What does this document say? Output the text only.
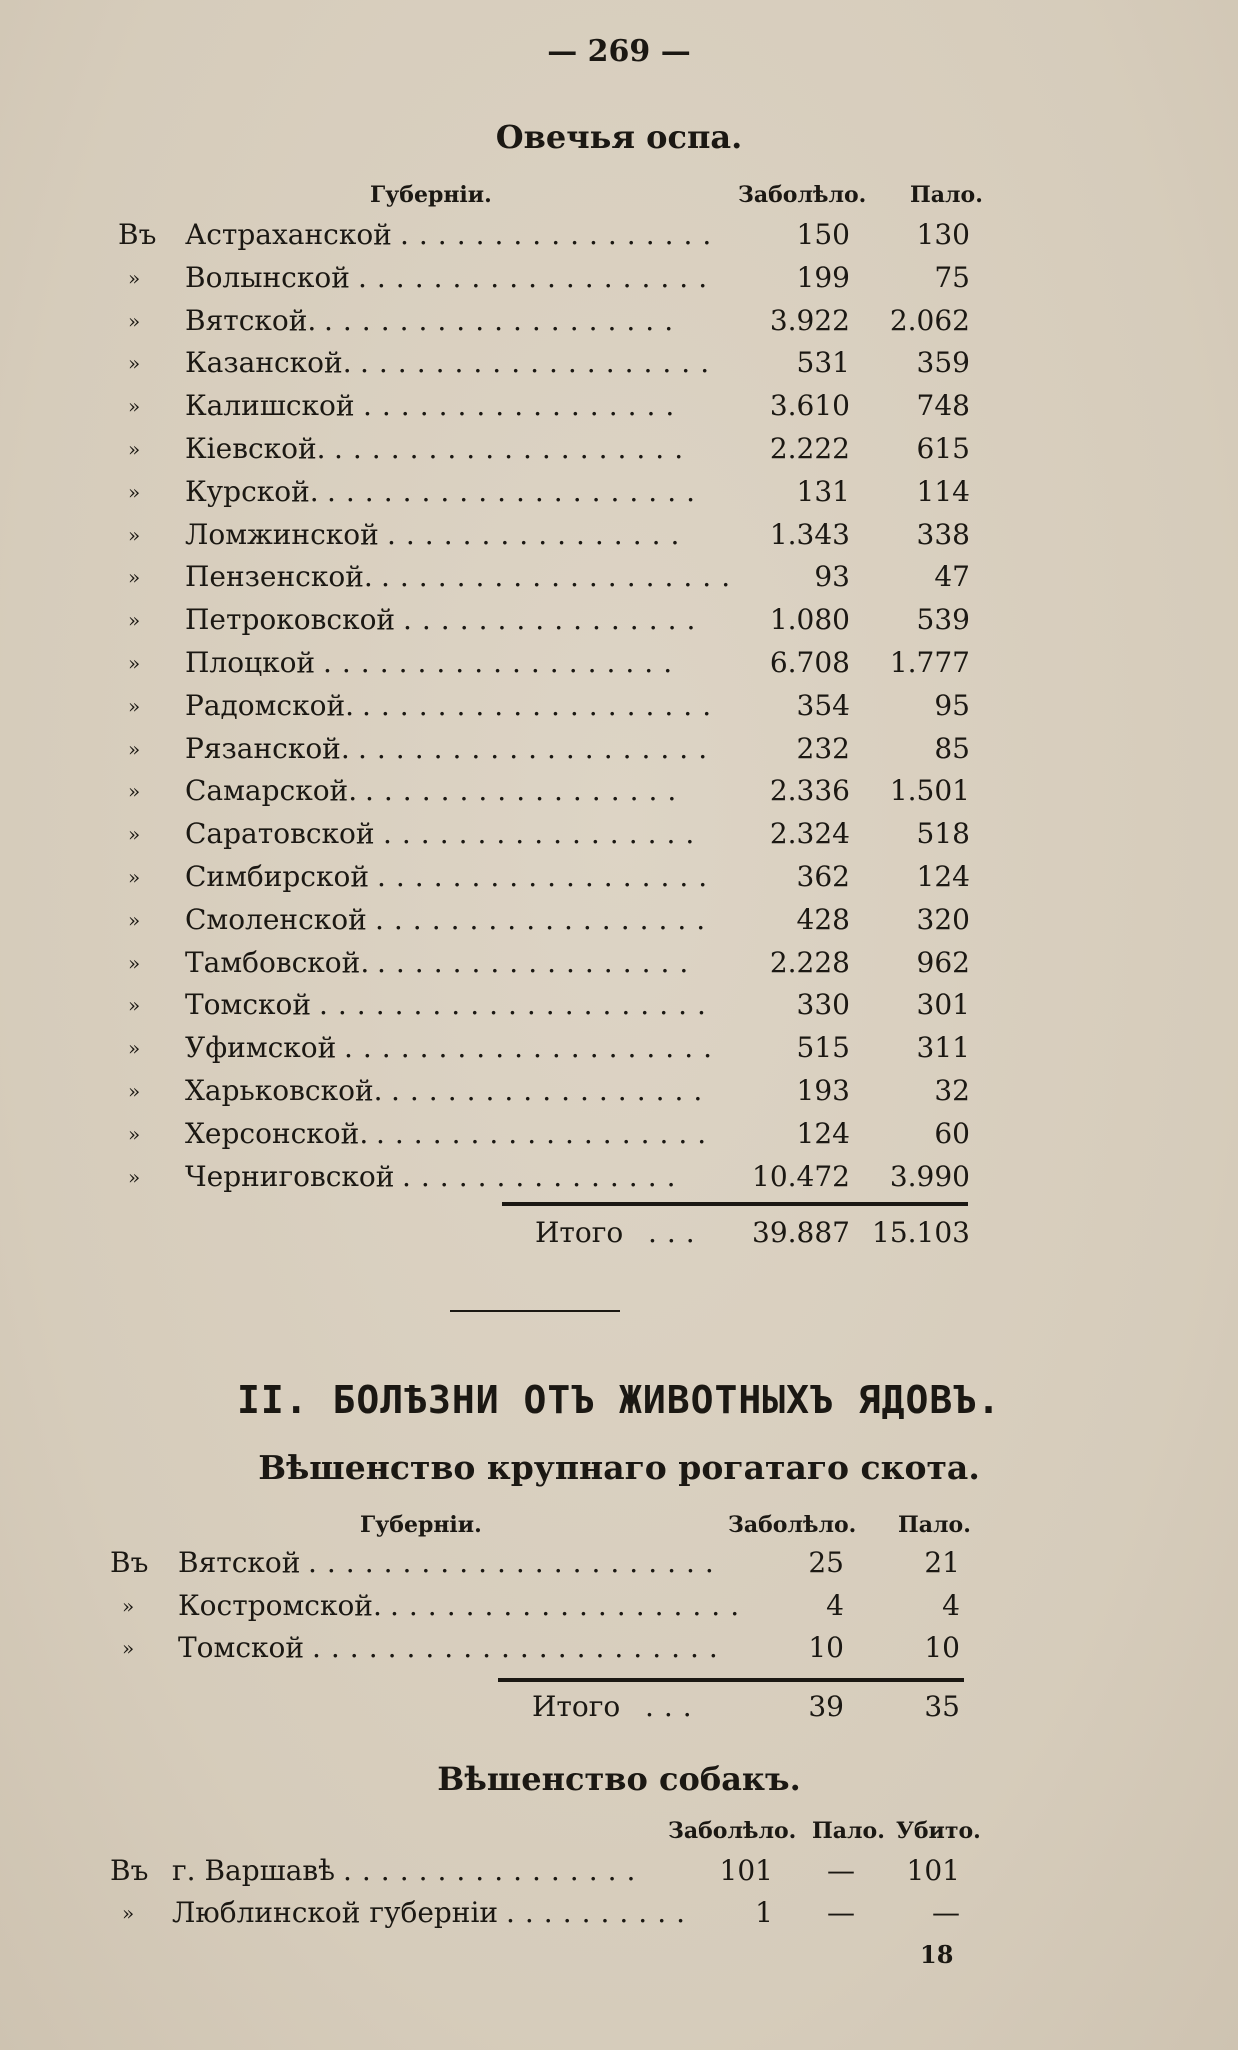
— 269 —
Овечья оспа.
Губерніи.	Заболѣло. Пало.
Въ Астраханской .................	150 130
»	Волынской ...................	199	75
»	Вятской. ...................	3.922 2.062
»	Казанской. ...................	531 359
»	Калишской .................	3.610 748
»	Кіевской. ...................	2.222 615
»	Курской. ....................	131 114
»	Ломжинской ................	1.343 338
»	Пензенской. ...................	93	47
»	Петроковской ................ 1.080 539
»	Плоцкой ...................	6.708 1.777
»	Радомской. ...................	354	95
»	Рязанской. ...................	232	85
»	Самарской. .................	2.336 1.501
»	Саратовской ................. 2.324 518
»	Симбирской ..................	362 124
»	Смоленской ..................	428 320
»	Тамбовской. .................	2.228 962
»	Томской .....................	330 301
»	Уфимской ....................	515 311
»	Харьковской. .................	193	32
»	Херсонской. ..................	124	60
»	Черниговской ............... 10.472 3.990
Итого ... 39.887 15.103
II. БОЛѢЗНИ ОТЪ ЖИВОТНЫХЪ ЯДОВЪ.
Вѣшенство крупнаго рогатаго скота.
Губерніи.	Заболѣло. Пало.
Въ Вятской ......................	25	21
»	Костромской. ...................	4	4
»	Томской ......................	10	10
Итого ...	39	35
Вѣшенство собакъ.
Заболѣло. Пало. Убито.
Въ г. Варшавѣ ................	101 — 101
»	Люблинской губерніи .......... 1 —	—
18
